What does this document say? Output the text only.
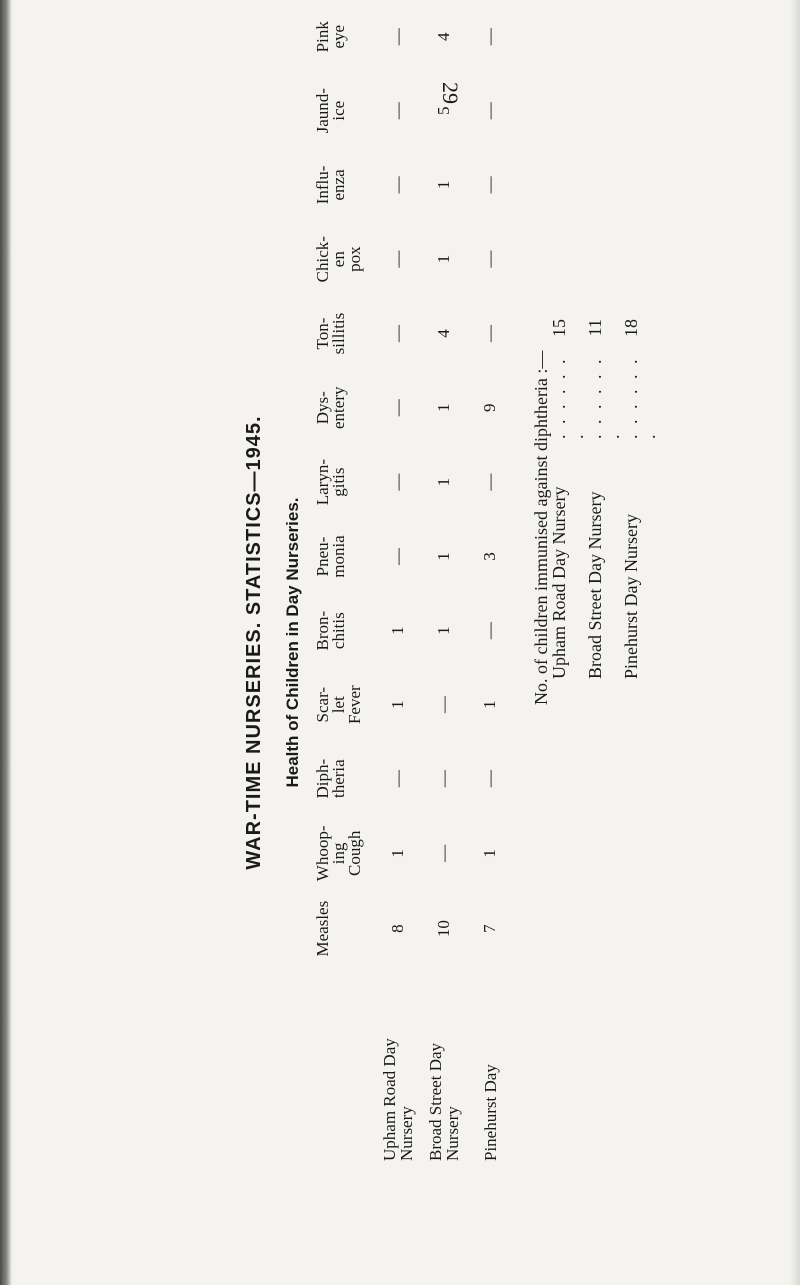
29
WAR-TIME NURSERIES. STATISTICS—1945. Health of Children in Day Nurseries.
	Measles	Whoop-
ing
Cough	Diph-
theria	Scar-
let
Fever	Bron-
chitis	Pneu-
monia	Laryn-
gitis	Dys-
entery	Ton-
sillitis	Chick-
en
pox	Influ-
enza	Jaund-
ice	Pink
eye
Upham Road Day
Nursery	8	1	—	1	1	—	—	—	—	—	—	—	—
Broad Street Day
Nursery	10	—	—	—	1	1	1	1	4	1	1	5	4
Pinehurst Day	7	1	—	1	—	3	—	9	—	—	—	—	—
No. of children immunised against diphtheria :—
Upham Road Day Nursery
. . . . . . .
15
Broad Street Day Nursery
. . . . . . .
11
Pinehurst Day Nursery
. . . . . . .
18
